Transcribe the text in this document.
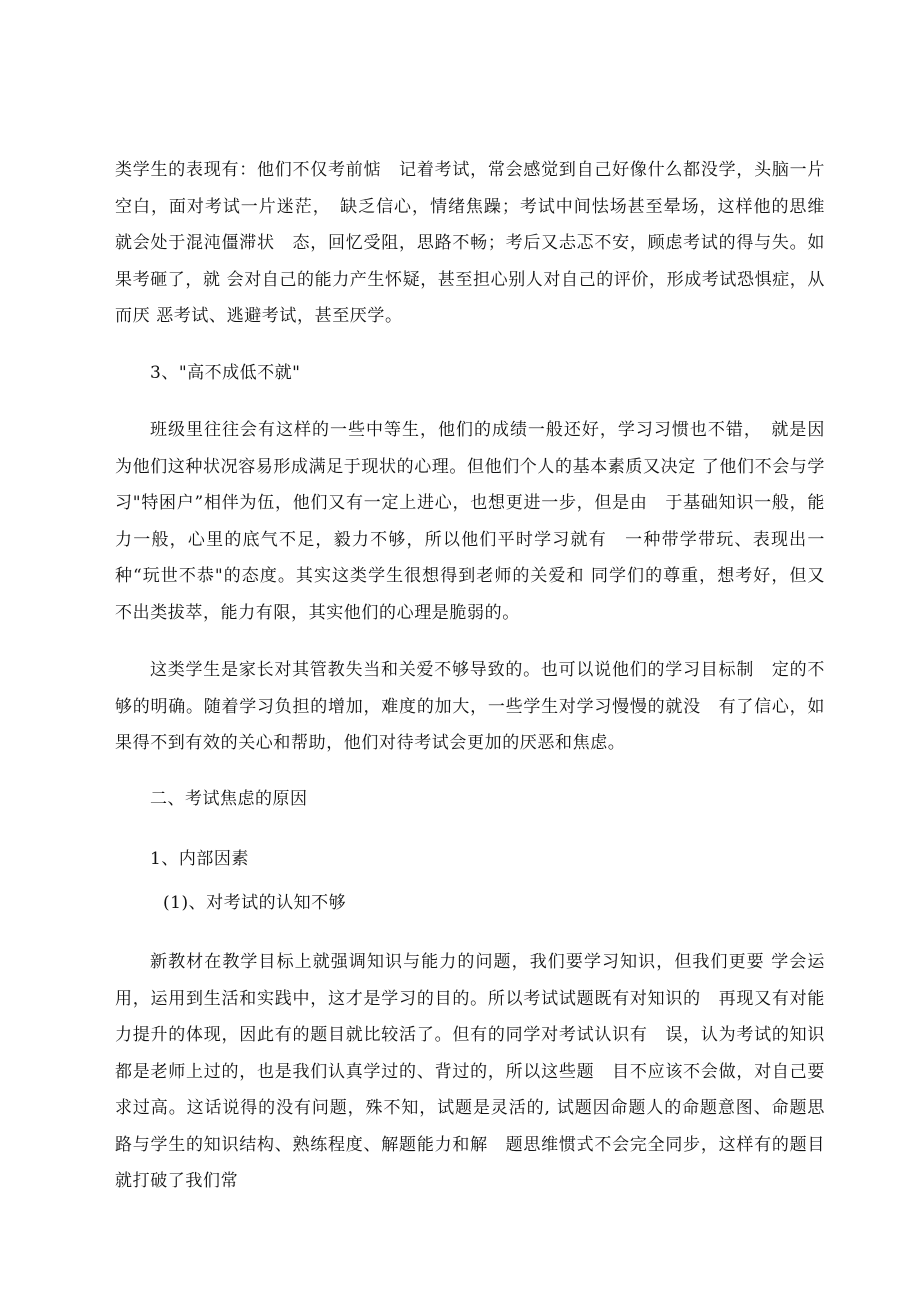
类学生的表现有：他们不仅考前惦　记着考试，常会感觉到自己好像什么都没学，头脑一片空白，面对考试一片迷茫，　缺乏信心，情绪焦躁；考试中间怯场甚至晕场，这样他的思维就会处于混沌僵滞状　态，回忆受阻，思路不畅；考后又忐忑不安，顾虑考试的得与失。如果考砸了，就 会对自己的能力产生怀疑，甚至担心别人对自己的评价，形成考试恐惧症，从而厌 恶考试、逃避考试，甚至厌学。

3、"高不成低不就"

班级里往往会有这样的一些中等生，他们的成绩一般还好，学习习惯也不错，　就是因为他们这种状况容易形成满足于现状的心理。但他们个人的基本素质又决定 了他们不会与学习"特困户”相伴为伍，他们又有一定上进心，也想更进一步，但是由　于基础知识一般，能力一般，心里的底气不足，毅力不够，所以他们平时学习就有　一种带学带玩、表现出一种“玩世不恭"的态度。其实这类学生很想得到老师的关爱和 同学们的尊重，想考好，但又不出类拔萃，能力有限，其实他们的心理是脆弱的。

这类学生是家长对其管教失当和关爱不够导致的。也可以说他们的学习目标制　定的不够的明确。随着学习负担的增加，难度的加大，一些学生对学习慢慢的就没　有了信心，如果得不到有效的关心和帮助，他们对待考试会更加的厌恶和焦虑。

二、考试焦虑的原因

1、内部因素

(1)、对考试的认知不够

新教材在教学目标上就强调知识与能力的问题，我们要学习知识，但我们更要 学会运用，运用到生活和实践中，这才是学习的目的。所以考试试题既有对知识的　再现又有对能力提升的体现，因此有的题目就比较活了。但有的同学对考试认识有　误，认为考试的知识都是老师上过的，也是我们认真学过的、背过的，所以这些题　目不应该不会做，对自己要求过高。这话说得的没有问题，殊不知，试题是灵活的, 试题因命题人的命题意图、命题思路与学生的知识结构、熟练程度、解题能力和解　题思维惯式不会完全同步，这样有的题目就打破了我们常
